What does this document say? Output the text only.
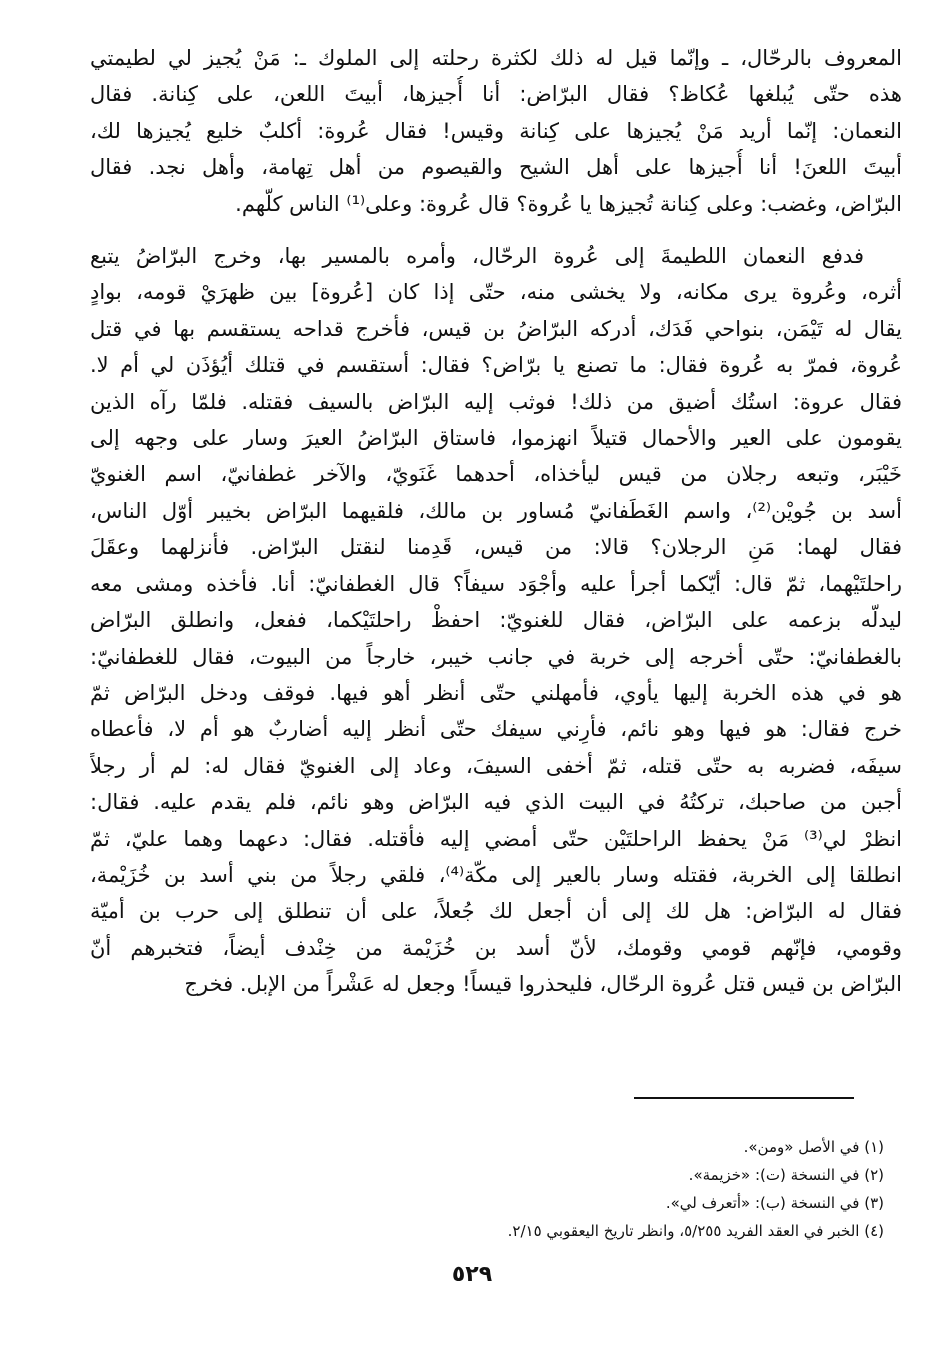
المعروف بالرحّال، ـ وإنّما قيل له ذلك لكثرة رحلته إلى الملوك ـ: مَنْ يُجيز لي لطيمتي
هذه حتّى يُبلغها عُكاظ؟ فقال البرّاض: أنا أُجيزها، أبيتَ اللعن، على كِنانة. فقال
النعمان: إنّما أريد مَنْ يُجيزها على كِنانة وقيس! فقال عُروة: أكلبٌ خليع يُجيزها لك،
أبيتَ اللعنَ! أنا أُجيزها على أهل الشيح والقيصوم من أهل تِهامة، وأهل نجد. فقال
البرّاض، وغضب: وعلى كِنانة تُجيزها يا عُروة؟ قال عُروة: وعلى⁽¹⁾ الناس كلّهم.

فدفع النعمان اللطيمةَ إلى عُروة الرحّال، وأمره بالمسير بها، وخرج البرّاضُ يتبع
أثره، وعُروة يرى مكانه، ولا يخشى منه، حتّى إذا كان [عُروة] بين ظهرَيْ قومه، بوادٍ
يقال له تَيْمَن، بنواحي فَدَك، أدركه البرّاضُ بن قيس، فأخرج قداحه يستقسم بها في قتل
عُروة، فمرّ به عُروة فقال: ما تصنع يا برّاض؟ فقال: أستقسم في قتلك أيُؤذَن لي أم لا.
فقال عروة: استُك أضيق من ذلك! فوثب إليه البرّاض بالسيف فقتله. فلمّا رآه الذين
يقومون على العير والأحمال قتيلاً انهزموا، فاستاق البرّاضُ العيرَ وسار على وجهه إلى
خَيْبَر، وتبعه رجلان من قيس ليأخذاه، أحدهما غَنَويّ، والآخر غطفانيّ، اسم الغنويّ
أسد بن جُويْن⁽²⁾، واسم الغَطَفانيّ مُساور بن مالك، فلقيهما البرّاض بخيبر أوّل الناس،
فقال لهما: مَنِ الرجلان؟ قالا: من قيس، قَدِمنا لنقتل البرّاض. فأنزلهما وعقَلَ
راحلتَيْهما، ثمّ قال: أيّكما أجرأ عليه وأجْوَد سيفاً؟ قال الغطفانيّ: أنا. فأخذه ومشى معه
ليدلّه بزعمه على البرّاض، فقال للغنويّ: احفظْ راحلتَيْكما، ففعل، وانطلق البرّاض
بالغطفانيّ: حتّى أخرجه إلى خربة في جانب خيبر، خارجاً من البيوت، فقال للغطفانيّ:
هو في هذه الخربة إليها يأوي، فأمهلني حتّى أنظر أهو فيها. فوقف ودخل البرّاض ثمّ
خرج فقال: هو فيها وهو نائم، فأرِني سيفك حتّى أنظر إليه أضاربٌ هو أم لا، فأعطاه
سيفَه، فضربه به حتّى قتله، ثمّ أخفى السيفَ، وعاد إلى الغنويّ فقال له: لم أر رجلاً
أجبن من صاحبك، تركتُهُ في البيت الذي فيه البرّاض وهو نائم، فلم يقدم عليه. فقال:
انظرْ لي⁽³⁾ مَنْ يحفظ الراحلتَيْن حتّى أمضي إليه فأقتله. فقال: دعهما وهما عليّ، ثمّ
انطلقا إلى الخربة، فقتله وسار بالعير إلى مكّة⁽⁴⁾، فلقي رجلاً من بني أسد بن خُزَيْمة،
فقال له البرّاض: هل لك إلى أن أجعل لك جُعلاً، على أن تنطلق إلى حرب بن أميّة
وقومي، فإنّهم قومي وقومك، لأنّ أسد بن خُزَيْمة من خِنْدف أيضاً، فتخبرهم أنّ
البرّاض بن قيس قتل عُروة الرحّال، فليحذروا قيساً! وجعل له عَشْراً من الإبل. فخرج

(١) في الأصل «ومن».
(٢) في النسخة (ت): «خزيمة».
(٣) في النسخة (ب): «أتعرف لي».
(٤) الخبر في العقد الفريد ٥/٢٥٥، وانظر تاريخ اليعقوبي ٢/١٥.
٥٢٩
